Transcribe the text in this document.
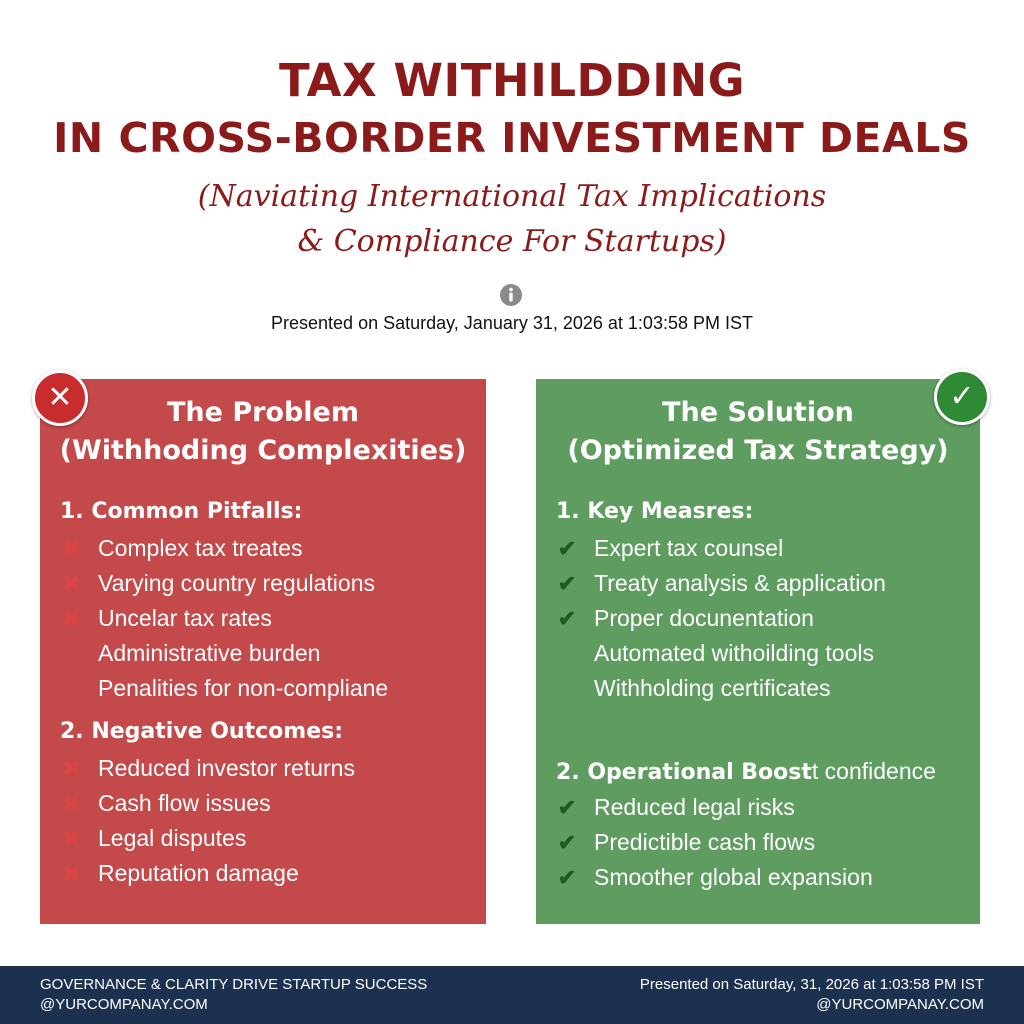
TAX WITHILDDING
IN CROSS-BORDER INVESTMENT DEALS

(Naviating International Tax Implications

& Compliance For Startups)

Presented on Saturday, January 31, 2026 at 1:03:58 PM IST
The Problem
(Withhoding Complexities)
1. Common Pitfalls:
✖ Complex tax treates
✖ Varying country regulations
✖ Uncelar tax rates
Administrative burden
Penalities for non-compliane
2. Negative Outcomes:
✖ Reduced investor returns
✖ Cash flow issues
✖ Legal disputes
✖ Reputation damage
The Solution
(Optimized Tax Strategy)
1. Key Measres:
✔ Expert tax counsel
✔ Treaty analysis & application
✔ Proper docunentation
Automated withoilding tools
Withholding certificates
2. Operational Boostt confidence
✔ Reduced legal risks
✔ Predictible cash flows
✔ Smoother global expansion
✕	✓
GOVERNANCE & CLARITY DRIVE STARTUP SUCCESS
@YURCOMPANAY.COM
Presented on Saturday, 31, 2026 at 1:03:58 PM IST
@YURCOMPANAY.COM
